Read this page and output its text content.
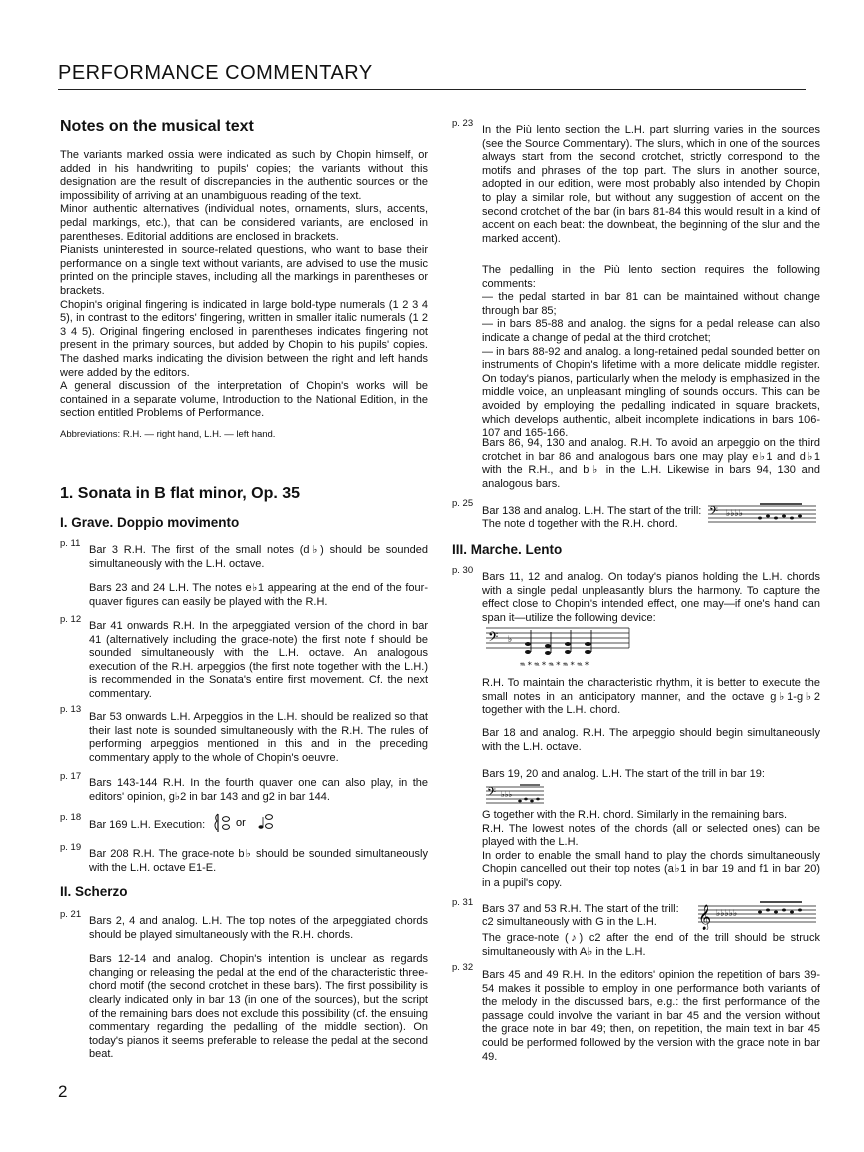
PERFORMANCE COMMENTARY
Notes on the musical text
The variants marked ossia were indicated as such by Chopin himself, or added in his handwriting to pupils' copies; the variants without this designation are the result of discrepancies in the authentic sources or the impossibility of arriving at an unambiguous reading of the text.
Minor authentic alternatives (individual notes, ornaments, slurs, accents, pedal markings, etc.), that can be considered variants, are enclosed in parentheses. Editorial additions are enclosed in brackets.
Pianists uninterested in source-related questions, who want to base their performance on a single text without variants, are advised to use the music printed on the principle staves, including all the markings in parentheses or brackets.
Chopin's original fingering is indicated in large bold-type numerals (1 2 3 4 5), in contrast to the editors' fingering, written in smaller italic numerals (1 2 3 4 5). Original fingering enclosed in parentheses indicates fingering not present in the primary sources, but added by Chopin to his pupils' copies. The dashed marks indicating the division between the right and left hands were added by the editors.
A general discussion of the interpretation of Chopin's works will be contained in a separate volume, Introduction to the National Edition, in the section entitled Problems of Performance.
Abbreviations: R.H. — right hand, L.H. — left hand.
1. Sonata in B flat minor, Op. 35
I. Grave. Doppio movimento
p. 11
Bar 3 R.H. The first of the small notes (d♭) should be sounded simultaneously with the L.H. octave.
Bars 23 and 24 L.H. The notes e♭1 appearing at the end of the four-quaver figures can easily be played with the R.H.
p. 12
Bar 41 onwards R.H. In the arpeggiated version of the chord in bar 41 (alternatively including the grace-note) the first note f should be sounded simultaneously with the L.H. octave. An analogous execution of the R.H. arpeggios (the first note together with the L.H.) is recommended in the Sonata's entire first movement. Cf. the next commentary.
p. 13
Bar 53 onwards L.H. Arpeggios in the L.H. should be realized so that their last note is sounded simultaneously with the R.H. The rules of performing arpeggios mentioned in this and in the preceding commentary apply to the whole of Chopin's oeuvre.
p. 17
Bars 143-144 R.H. In the fourth quaver one can also play, in the editors' opinion, g♭2 in bar 143 and g2 in bar 144.
p. 18
Bar 169 L.H. Execution:	or
p. 19
Bar 208 R.H. The grace-note b♭ should be sounded simultaneously with the L.H. octave E1-E.
II. Scherzo
p. 21
Bars 2, 4 and analog. L.H. The top notes of the arpeggiated chords should be played simultaneously with the R.H. chords.
Bars 12-14 and analog. Chopin's intention is unclear as regards changing or releasing the pedal at the end of the characteristic three-chord motif (the second crotchet in these bars). The first possibility is clearly indicated only in bar 13 (in one of the sources), but the script of the remaining bars does not exclude this possibility (cf. the ensuing commentary regarding the pedalling of the middle section). On today's pianos it seems preferable to release the pedal at the second beat.
p. 23
In the Più lento section the L.H. part slurring varies in the sources (see the Source Commentary). The slurs, which in one of the sources always start from the second crotchet, strictly correspond to the motifs and phrases of the top part. The slurs in another source, adopted in our edition, were most probably also intended by Chopin to play a similar role, but without any suggestion of accent on the second crotchet of the bar (in bars 81-84 this would result in a kind of accent on each beat: the downbeat, the beginning of the slur and the marked accent).
The pedalling in the Più lento section requires the following comments:
— the pedal started in bar 81 can be maintained without change through bar 85;
— in bars 85-88 and analog. the signs for a pedal release can also indicate a change of pedal at the third crotchet;
— in bars 88-92 and analog. a long-retained pedal sounded better on instruments of Chopin's lifetime with a more delicate middle register. On today's pianos, particularly when the melody is emphasized in the middle voice, an unpleasant mingling of sounds occurs. This can be avoided by employing the pedalling indicated in square brackets, which develops authentic, albeit incomplete indications in bars 106-107 and 165-166.
Bars 86, 94, 130 and analog. R.H. To avoid an arpeggio on the third crotchet in bar 86 and analogous bars one may play e♭1 and d♭1 with the R.H., and b♭ in the L.H. Likewise in bars 94, 130 and analogous bars.
p. 25
Bar 138 and analog. L.H. The start of the trill:
The note d together with the R.H. chord.
𝄢 ♭♭♭♭
III. Marche. Lento
p. 30
Bars 11, 12 and analog. On today's pianos holding the L.H. chords with a single pedal unpleasantly blurs the harmony. To capture the effect close to Chopin's intended effect, one may—if one's hand can span it—utilize the following device:
𝄢 ♭
𝆮 * 𝆮 * 𝆮 * 𝆮 * 𝆮 *
R.H. To maintain the characteristic rhythm, it is better to execute the small notes in an anticipatory manner, and the octave g♭1-g♭2 together with the L.H. chord.
Bar 18 and analog. R.H. The arpeggio should begin simultaneously with the L.H. octave.
Bars 19, 20 and analog. L.H. The start of the trill in bar 19:
𝄢 ♭♭♭
G together with the R.H. chord. Similarly in the remaining bars.
R.H. The lowest notes of the chords (all or selected ones) can be played with the L.H.
In order to enable the small hand to play the chords simultaneously Chopin cancelled out their top notes (a♭1 in bar 19 and f1 in bar 20) in a pupil's copy.
p. 31
Bars 37 and 53 R.H. The start of the trill:
c2 simultaneously with G in the L.H. 𝄞 ♭♭♭♭♭
The grace-note (♪) c2 after the end of the trill should be struck simultaneously with A♭ in the L.H.
p. 32
Bars 45 and 49 R.H. In the editors' opinion the repetition of bars 39-54 makes it possible to employ in one performance both variants of the melody in the discussed bars, e.g.: the first performance of the passage could involve the variant in bar 45 and the version without the grace note in bar 49; then, on repetition, the main text in bar 45 could be performed followed by the version with the grace note in bar 49.
2
